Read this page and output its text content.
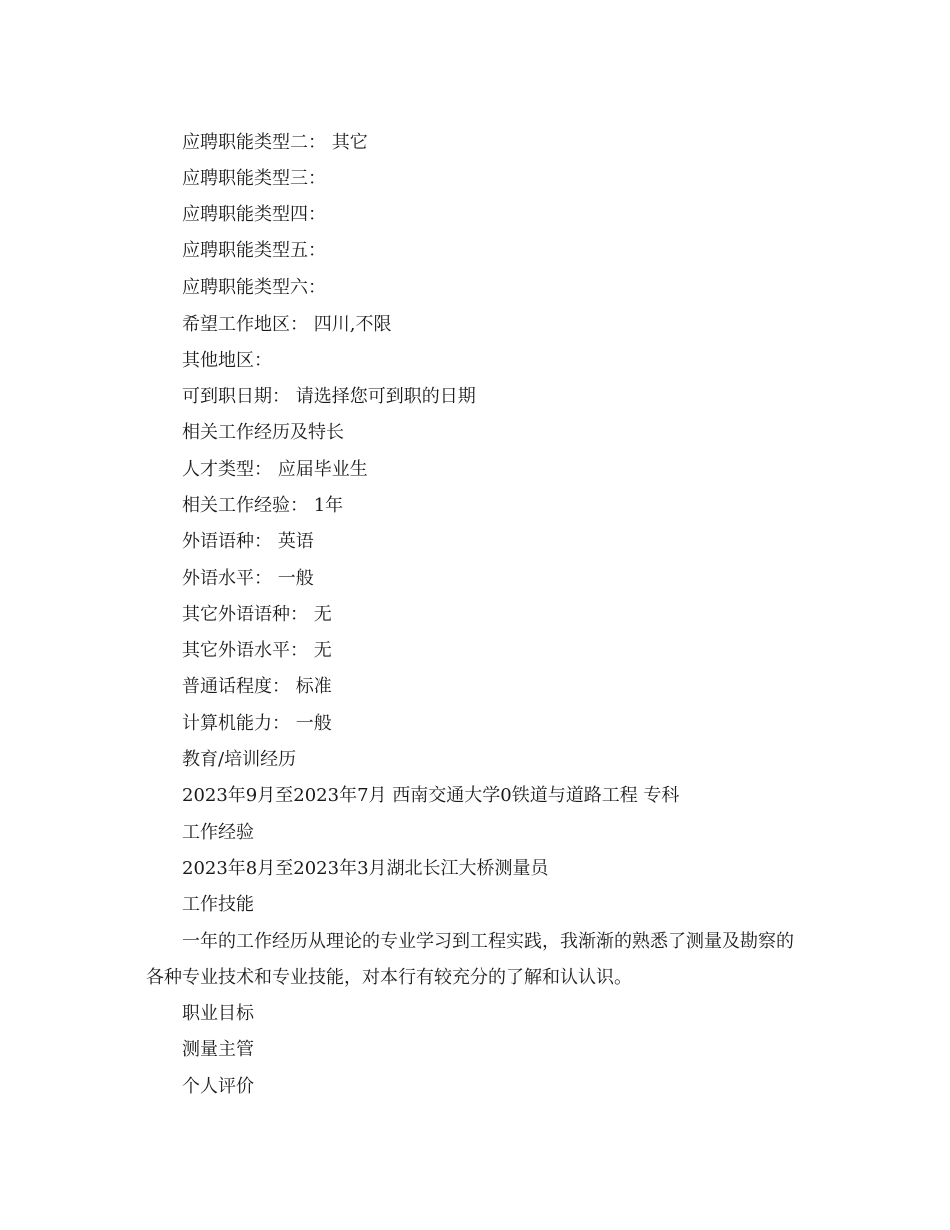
应聘职能类型二： 其它
应聘职能类型三：
应聘职能类型四：
应聘职能类型五：
应聘职能类型六：
希望工作地区： 四川,不限
其他地区：
可到职日期： 请选择您可到职的日期
相关工作经历及特长
人才类型： 应届毕业生
相关工作经验： 1年
外语语种： 英语
外语水平： 一般
其它外语语种： 无
其它外语水平： 无
普通话程度： 标准
计算机能力： 一般
教育/培训经历
2023年9月至2023年7月 西南交通大学0铁道与道路工程 专科
工作经验
2023年8月至2023年3月湖北长江大桥测量员
工作技能
一年的工作经历从理论的专业学习到工程实践，我渐渐的熟悉了测量及勘察的各种专业技术和专业技能，对本行有较充分的了解和认认识。
职业目标
测量主管
个人评价
